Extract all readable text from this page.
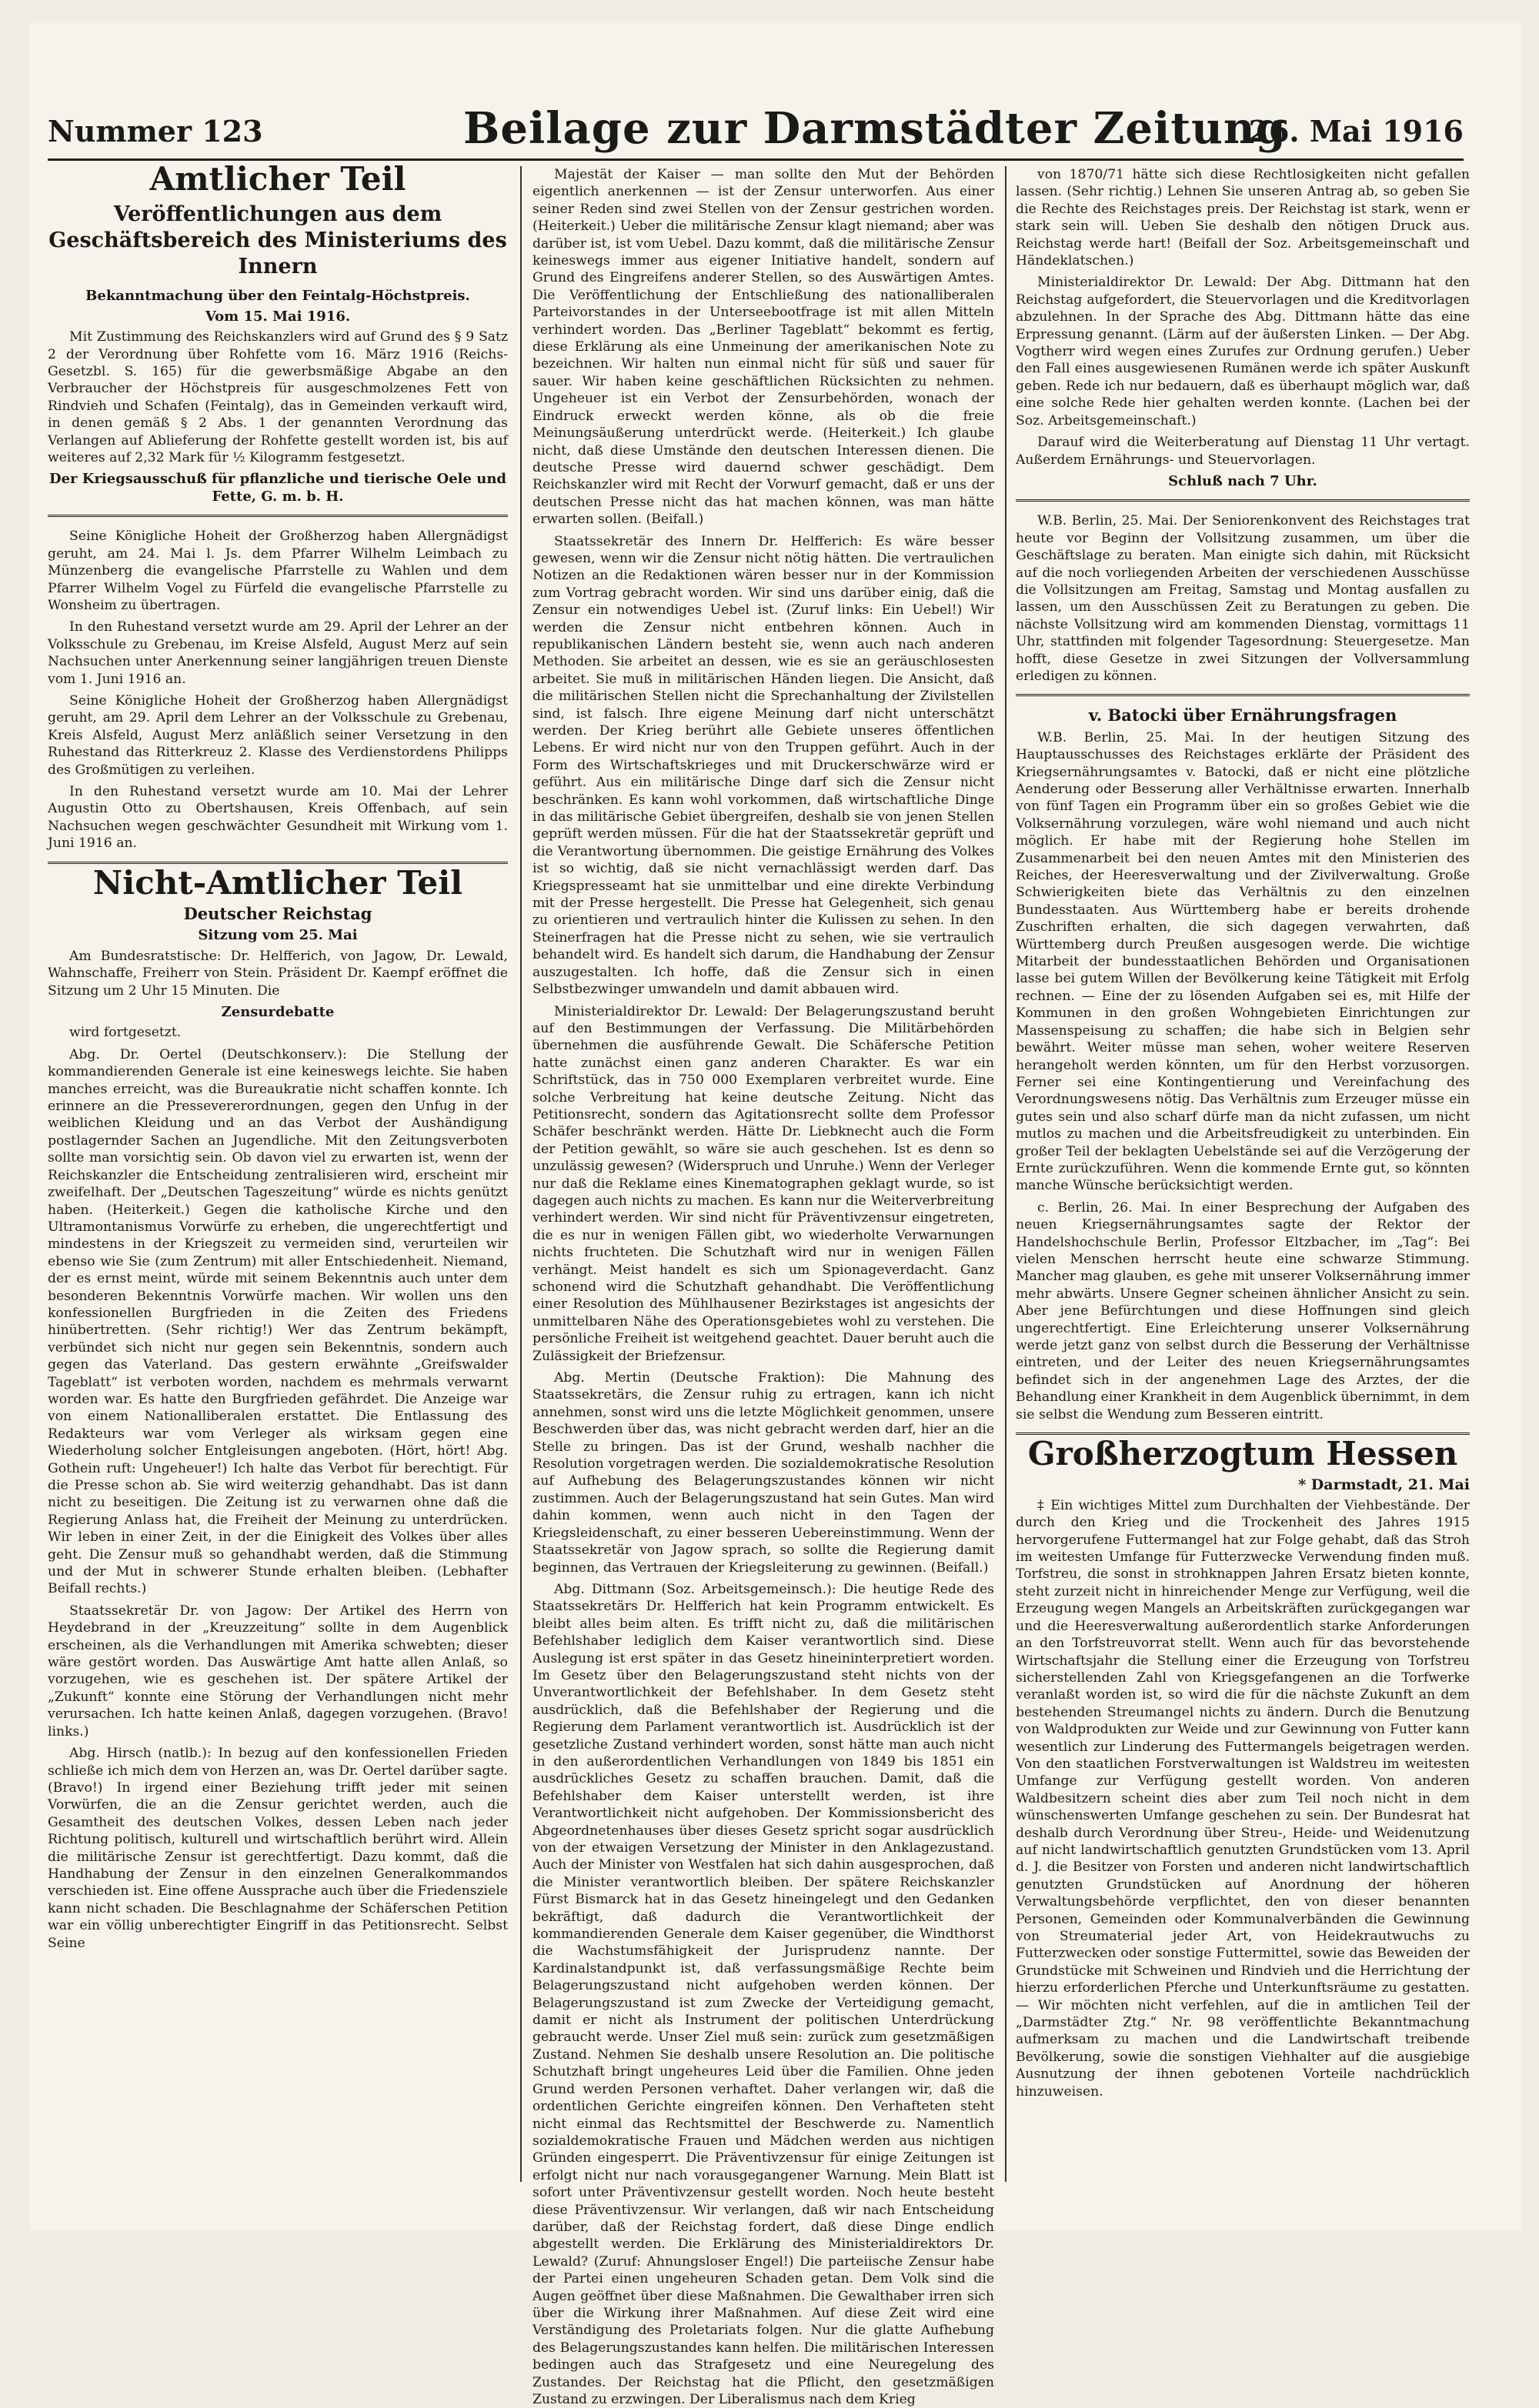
Nummer 123	Beilage zur Darmstädter Zeitung
26. Mai 1916
Amtlicher Teil
Veröffentlichungen aus dem Geschäftsbereich des Ministeriums des Innern
Bekanntmachung über den Feintalg-Höchstpreis.
Vom 15. Mai 1916.

Mit Zustimmung des Reichskanzlers wird auf Grund des § 9 Satz 2 der Verordnung über Rohfette vom 16. März 1916 (Reichs-Gesetzbl. S. 165) für die gewerbsmäßige Abgabe an den Verbraucher der Höchstpreis für ausgeschmolzenes Fett von Rindvieh und Schafen (Feintalg), das in Gemeinden verkauft wird, in denen gemäß § 2 Abs. 1 der genannten Verordnung das Verlangen auf Ablieferung der Rohfette gestellt worden ist, bis auf weiteres auf 2,32 Mark für ½ Kilogramm festgesetzt.

Der Kriegsausschuß für pflanzliche und tierische Oele und Fette, G. m. b. H.

Seine Königliche Hoheit der Großherzog haben Allergnädigst geruht, am 24. Mai l. Js. dem Pfarrer Wilhelm Leimbach zu Münzenberg die evangelische Pfarrstelle zu Wahlen und dem Pfarrer Wilhelm Vogel zu Fürfeld die evangelische Pfarrstelle zu Wonsheim zu übertragen.

In den Ruhestand versetzt wurde am 29. April der Lehrer an der Volksschule zu Grebenau, im Kreise Alsfeld, August Merz auf sein Nachsuchen unter Anerkennung seiner langjährigen treuen Dienste vom 1. Juni 1916 an.

Seine Königliche Hoheit der Großherzog haben Allergnädigst geruht, am 29. April dem Lehrer an der Volksschule zu Grebenau, Kreis Alsfeld, August Merz anläßlich seiner Versetzung in den Ruhestand das Ritterkreuz 2. Klasse des Verdienstordens Philipps des Großmütigen zu verleihen.

In den Ruhestand versetzt wurde am 10. Mai der Lehrer Augustin Otto zu Obertshausen, Kreis Offenbach, auf sein Nachsuchen wegen geschwächter Gesundheit mit Wirkung vom 1. Juni 1916 an.

Nicht-Amtlicher Teil
Deutscher Reichstag
Sitzung vom 25. Mai

Am Bundesratstische: Dr. Helfferich, von Jagow, Dr. Lewald, Wahnschaffe, Freiherr von Stein. Präsident Dr. Kaempf eröffnet die Sitzung um 2 Uhr 15 Minuten. Die

Zensurdebatte

wird fortgesetzt.

Abg. Dr. Oertel (Deutschkonserv.): Die Stellung der kommandierenden Generale ist eine keineswegs leichte. Sie haben manches erreicht, was die Bureaukratie nicht schaffen konnte. Ich erinnere an die Pressevererordnungen, gegen den Unfug in der weiblichen Kleidung und an das Verbot der Aushändigung postlagernder Sachen an Jugendliche. Mit den Zeitungsverboten sollte man vorsichtig sein. Ob davon viel zu erwarten ist, wenn der Reichskanzler die Entscheidung zentralisieren wird, erscheint mir zweifelhaft. Der „Deutschen Tageszeitung“ würde es nichts genützt haben. (Heiterkeit.) Gegen die katholische Kirche und den Ultramontanismus Vorwürfe zu erheben, die ungerechtfertigt und mindestens in der Kriegszeit zu vermeiden sind, verurteilen wir ebenso wie Sie (zum Zentrum) mit aller Entschiedenheit. Niemand, der es ernst meint, würde mit seinem Bekenntnis auch unter dem besonderen Bekenntnis Vorwürfe machen. Wir wollen uns den konfessionellen Burgfrieden in die Zeiten des Friedens hinübertretten. (Sehr richtig!) Wer das Zentrum bekämpft, verbündet sich nicht nur gegen sein Bekenntnis, sondern auch gegen das Vaterland. Das gestern erwähnte „Greifswalder Tageblatt“ ist verboten worden, nachdem es mehrmals verwarnt worden war. Es hatte den Burgfrieden gefährdet. Die Anzeige war von einem Nationalliberalen erstattet. Die Entlassung des Redakteurs war vom Verleger als wirksam gegen eine Wiederholung solcher Entgleisungen angeboten. (Hört, hört! Abg. Gothein ruft: Ungeheuer!) Ich halte das Verbot für berechtigt. Für die Presse schon ab. Sie wird weiterzig gehandhabt. Das ist dann nicht zu beseitigen. Die Zeitung ist zu verwarnen ohne daß die Regierung Anlass hat, die Freiheit der Meinung zu unterdrücken. Wir leben in einer Zeit, in der die Einigkeit des Volkes über alles geht. Die Zensur muß so gehandhabt werden, daß die Stimmung und der Mut in schwerer Stunde erhalten bleiben. (Lebhafter Beifall rechts.)

Staatssekretär Dr. von Jagow: Der Artikel des Herrn von Heydebrand in der „Kreuzzeitung“ sollte in dem Augenblick erscheinen, als die Verhandlungen mit Amerika schwebten; dieser wäre gestört worden. Das Auswärtige Amt hatte allen Anlaß, so vorzugehen, wie es geschehen ist. Der spätere Artikel der „Zukunft“ konnte eine Störung der Verhandlungen nicht mehr verursachen. Ich hatte keinen Anlaß, dagegen vorzugehen. (Bravo! links.)

Abg. Hirsch (natlb.): In bezug auf den konfessionellen Frieden schließe ich mich dem von Herzen an, was Dr. Oertel darüber sagte. (Bravo!) In irgend einer Beziehung trifft jeder mit seinen Vorwürfen, die an die Zensur gerichtet werden, auch die Gesamtheit des deutschen Volkes, dessen Leben nach jeder Richtung politisch, kulturell und wirtschaftlich berührt wird. Allein die militärische Zensur ist gerechtfertigt. Dazu kommt, daß die Handhabung der Zensur in den einzelnen Generalkommandos verschieden ist. Eine offene Aussprache auch über die Friedensziele kann nicht schaden. Die Beschlagnahme der Schäferschen Petition war ein völlig unberechtigter Eingriff in das Petitionsrecht. Selbst Seine

Majestät der Kaiser — man sollte den Mut der Behörden eigentlich anerkennen — ist der Zensur unterworfen. Aus einer seiner Reden sind zwei Stellen von der Zensur gestrichen worden. (Heiterkeit.) Ueber die militärische Zensur klagt niemand; aber was darüber ist, ist vom Uebel. Dazu kommt, daß die militärische Zensur keineswegs immer aus eigener Initiative handelt, sondern auf Grund des Eingreifens anderer Stellen, so des Auswärtigen Amtes. Die Veröffentlichung der Entschließung des nationalliberalen Parteivorstandes in der Unterseebootfrage ist mit allen Mitteln verhindert worden. Das „Berliner Tageblatt“ bekommt es fertig, diese Erklärung als eine Unmeinung der amerikanischen Note zu bezeichnen. Wir halten nun einmal nicht für süß und sauer für sauer. Wir haben keine geschäftlichen Rücksichten zu nehmen. Ungeheuer ist ein Verbot der Zensurbehörden, wonach der Eindruck erweckt werden könne, als ob die freie Meinungsäußerung unterdrückt werde. (Heiterkeit.) Ich glaube nicht, daß diese Umstände den deutschen Interessen dienen. Die deutsche Presse wird dauernd schwer geschädigt. Dem Reichskanzler wird mit Recht der Vorwurf gemacht, daß er uns der deutschen Presse nicht das hat machen können, was man hätte erwarten sollen. (Beifall.)

Staatssekretär des Innern Dr. Helfferich: Es wäre besser gewesen, wenn wir die Zensur nicht nötig hätten. Die vertraulichen Notizen an die Redaktionen wären besser nur in der Kommission zum Vortrag gebracht worden. Wir sind uns darüber einig, daß die Zensur ein notwendiges Uebel ist. (Zuruf links: Ein Uebel!) Wir werden die Zensur nicht entbehren können. Auch in republikanischen Ländern besteht sie, wenn auch nach anderen Methoden. Sie arbeitet an dessen, wie es sie an geräuschlosesten arbeitet. Sie muß in militärischen Händen liegen. Die Ansicht, daß die militärischen Stellen nicht die Sprechanhaltung der Zivilstellen sind, ist falsch. Ihre eigene Meinung darf nicht unterschätzt werden. Der Krieg berührt alle Gebiete unseres öffentlichen Lebens. Er wird nicht nur von den Truppen geführt. Auch in der Form des Wirtschaftskrieges und mit Druckerschwärze wird er geführt. Aus ein militärische Dinge darf sich die Zensur nicht beschränken. Es kann wohl vorkommen, daß wirtschaftliche Dinge in das militärische Gebiet übergreifen, deshalb sie von jenen Stellen geprüft werden müssen. Für die hat der Staatssekretär geprüft und die Verantwortung übernommen. Die geistige Ernährung des Volkes ist so wichtig, daß sie nicht vernachlässigt werden darf. Das Kriegspresseamt hat sie unmittelbar und eine direkte Verbindung mit der Presse hergestellt. Die Presse hat Gelegenheit, sich genau zu orientieren und vertraulich hinter die Kulissen zu sehen. In den Steinerfragen hat die Presse nicht zu sehen, wie sie vertraulich behandelt wird. Es handelt sich darum, die Handhabung der Zensur auszugestalten. Ich hoffe, daß die Zensur sich in einen Selbstbezwinger umwandeln und damit abbauen wird.

Ministerialdirektor Dr. Lewald: Der Belagerungszustand beruht auf den Bestimmungen der Verfassung. Die Militärbehörden übernehmen die ausführende Gewalt. Die Schäfersche Petition hatte zunächst einen ganz anderen Charakter. Es war ein Schriftstück, das in 750 000 Exemplaren verbreitet wurde. Eine solche Verbreitung hat keine deutsche Zeitung. Nicht das Petitionsrecht, sondern das Agitationsrecht sollte dem Professor Schäfer beschränkt werden. Hätte Dr. Liebknecht auch die Form der Petition gewählt, so wäre sie auch geschehen. Ist es denn so unzulässig gewesen? (Widerspruch und Unruhe.) Wenn der Verleger nur daß die Reklame eines Kinematographen geklagt wurde, so ist dagegen auch nichts zu machen. Es kann nur die Weiterverbreitung verhindert werden. Wir sind nicht für Präventivzensur eingetreten, die es nur in wenigen Fällen gibt, wo wiederholte Verwarnungen nichts fruchteten. Die Schutzhaft wird nur in wenigen Fällen verhängt. Meist handelt es sich um Spionageverdacht. Ganz schonend wird die Schutzhaft gehandhabt. Die Veröffentlichung einer Resolution des Mühlhausener Bezirkstages ist angesichts der unmittelbaren Nähe des Operationsgebietes wohl zu verstehen. Die persönliche Freiheit ist weitgehend geachtet. Dauer beruht auch die Zulässigkeit der Briefzensur.

Abg. Mertin (Deutsche Fraktion): Die Mahnung des Staatssekretärs, die Zensur ruhig zu ertragen, kann ich nicht annehmen, sonst wird uns die letzte Möglichkeit genommen, unsere Beschwerden über das, was nicht gebracht werden darf, hier an die Stelle zu bringen. Das ist der Grund, weshalb nachher die Resolution vorgetragen werden. Die sozialdemokratische Resolution auf Aufhebung des Belagerungszustandes können wir nicht zustimmen. Auch der Belagerungszustand hat sein Gutes. Man wird dahin kommen, wenn auch nicht in den Tagen der Kriegsleidenschaft, zu einer besseren Uebereinstimmung. Wenn der Staatssekretär von Jagow sprach, so sollte die Regierung damit beginnen, das Vertrauen der Kriegsleiterung zu gewinnen. (Beifall.)

Abg. Dittmann (Soz. Arbeitsgemeinsch.): Die heutige Rede des Staatssekretärs Dr. Helfferich hat kein Programm entwickelt. Es bleibt alles beim alten. Es trifft nicht zu, daß die militärischen Befehlshaber lediglich dem Kaiser verantwortlich sind. Diese Auslegung ist erst später in das Gesetz hineininterpretiert worden. Im Gesetz über den Belagerungszustand steht nichts von der Unverantwortlichkeit der Befehlshaber. In dem Gesetz steht ausdrücklich, daß die Befehlshaber der Regierung und die Regierung dem Parlament verantwortlich ist. Ausdrücklich ist der gesetzliche Zustand verhindert worden, sonst hätte man auch nicht in den außerordentlichen Verhandlungen von 1849 bis 1851 ein ausdrückliches Gesetz zu schaffen brauchen. Damit, daß die Befehlshaber dem Kaiser unterstellt werden, ist ihre Verantwortlichkeit nicht aufgehoben. Der Kommissionsbericht des Abgeordnetenhauses über dieses Gesetz spricht sogar ausdrücklich von der etwaigen Versetzung der Minister in den Anklagezustand. Auch der Minister von Westfalen hat sich dahin ausgesprochen, daß die Minister verantwortlich bleiben. Der spätere Reichskanzler Fürst Bismarck hat in das Gesetz hineingelegt und den Gedanken bekräftigt, daß dadurch die Verantwortlichkeit der kommandierenden Generale dem Kaiser gegenüber, die Windthorst die Wachstumsfähigkeit der Jurisprudenz nannte. Der Kardinalstandpunkt ist, daß verfassungsmäßige Rechte beim Belagerungszustand nicht aufgehoben werden können. Der Belagerungszustand ist zum Zwecke der Verteidigung gemacht, damit er nicht als Instrument der politischen Unterdrückung gebraucht werde. Unser Ziel muß sein: zurück zum gesetzmäßigen Zustand. Nehmen Sie deshalb unsere Resolution an. Die politische Schutzhaft bringt ungeheures Leid über die Familien. Ohne jeden Grund werden Personen verhaftet. Daher verlangen wir, daß die ordentlichen Gerichte eingreifen können. Den Verhafteten steht nicht einmal das Rechtsmittel der Beschwerde zu. Namentlich sozialdemokratische Frauen und Mädchen werden aus nichtigen Gründen eingesperrt. Die Präventivzensur für einige Zeitungen ist erfolgt nicht nur nach vorausgegangener Warnung. Mein Blatt ist sofort unter Präventivzensur gestellt worden. Noch heute besteht diese Präventivzensur. Wir verlangen, daß wir nach Entscheidung darüber, daß der Reichstag fordert, daß diese Dinge endlich abgestellt werden. Die Erklärung des Ministerialdirektors Dr. Lewald? (Zuruf: Ahnungsloser Engel!) Die parteiische Zensur habe der Partei einen ungeheuren Schaden getan. Dem Volk sind die Augen geöffnet über diese Maßnahmen. Die Gewalthaber irren sich über die Wirkung ihrer Maßnahmen. Auf diese Zeit wird eine Verständigung des Proletariats folgen. Nur die glatte Aufhebung des Belagerungszustandes kann helfen. Die militärischen Interessen bedingen auch das Strafgesetz und eine Neuregelung des Zustandes. Der Reichstag hat die Pflicht, den gesetzmäßigen Zustand zu erzwingen. Der Liberalismus nach dem Krieg

von 1870/71 hätte sich diese Rechtlosigkeiten nicht gefallen lassen. (Sehr richtig.) Lehnen Sie unseren Antrag ab, so geben Sie die Rechte des Reichstages preis. Der Reichstag ist stark, wenn er stark sein will. Ueben Sie deshalb den nötigen Druck aus. Reichstag werde hart! (Beifall der Soz. Arbeitsgemeinschaft und Händeklatschen.)

Ministerialdirektor Dr. Lewald: Der Abg. Dittmann hat den Reichstag aufgefordert, die Steuervorlagen und die Kreditvorlagen abzulehnen. In der Sprache des Abg. Dittmann hätte das eine Erpressung genannt. (Lärm auf der äußersten Linken. — Der Abg. Vogtherr wird wegen eines Zurufes zur Ordnung gerufen.) Ueber den Fall eines ausgewiesenen Rumänen werde ich später Auskunft geben. Rede ich nur bedauern, daß es überhaupt möglich war, daß eine solche Rede hier gehalten werden konnte. (Lachen bei der Soz. Arbeitsgemeinschaft.)

Darauf wird die Weiterberatung auf Dienstag 11 Uhr vertagt. Außerdem Ernährungs- und Steuervorlagen.

Schluß nach 7 Uhr.

W.B. Berlin, 25. Mai. Der Seniorenkonvent des Reichstages trat heute vor Beginn der Vollsitzung zusammen, um über die Geschäftslage zu beraten. Man einigte sich dahin, mit Rücksicht auf die noch vorliegenden Arbeiten der verschiedenen Ausschüsse die Vollsitzungen am Freitag, Samstag und Montag ausfallen zu lassen, um den Ausschüssen Zeit zu Beratungen zu geben. Die nächste Vollsitzung wird am kommenden Dienstag, vormittags 11 Uhr, stattfinden mit folgender Tagesordnung: Steuergesetze. Man hofft, diese Gesetze in zwei Sitzungen der Vollversammlung erledigen zu können.

v. Batocki über Ernährungsfragen

W.B. Berlin, 25. Mai. In der heutigen Sitzung des Hauptausschusses des Reichstages erklärte der Präsident des Kriegsernährungsamtes v. Batocki, daß er nicht eine plötzliche Aenderung oder Besserung aller Verhältnisse erwarten. Innerhalb von fünf Tagen ein Programm über ein so großes Gebiet wie die Volksernährung vorzulegen, wäre wohl niemand und auch nicht möglich. Er habe mit der Regierung hohe Stellen im Zusammenarbeit bei den neuen Amtes mit den Ministerien des Reiches, der Heeresverwaltung und der Zivilverwaltung. Große Schwierigkeiten biete das Verhältnis zu den einzelnen Bundesstaaten. Aus Württemberg habe er bereits drohende Zuschriften erhalten, die sich dagegen verwahrten, daß Württemberg durch Preußen ausgesogen werde. Die wichtige Mitarbeit der bundesstaatlichen Behörden und Organisationen lasse bei gutem Willen der Bevölkerung keine Tätigkeit mit Erfolg rechnen. — Eine der zu lösenden Aufgaben sei es, mit Hilfe der Kommunen in den großen Wohngebieten Einrichtungen zur Massenspeisung zu schaffen; die habe sich in Belgien sehr bewährt. Weiter müsse man sehen, woher weitere Reserven herangeholt werden könnten, um für den Herbst vorzusorgen. Ferner sei eine Kontingentierung und Vereinfachung des Verordnungswesens nötig. Das Verhältnis zum Erzeuger müsse ein gutes sein und also scharf dürfe man da nicht zufassen, um nicht mutlos zu machen und die Arbeitsfreudigkeit zu unterbinden. Ein großer Teil der beklagten Uebelstände sei auf die Verzögerung der Ernte zurückzuführen. Wenn die kommende Ernte gut, so könnten manche Wünsche berücksichtigt werden.

c. Berlin, 26. Mai. In einer Besprechung der Aufgaben des neuen Kriegsernährungsamtes sagte der Rektor der Handelshochschule Berlin, Professor Eltzbacher, im „Tag“: Bei vielen Menschen herrscht heute eine schwarze Stimmung. Mancher mag glauben, es gehe mit unserer Volksernährung immer mehr abwärts. Unsere Gegner scheinen ähnlicher Ansicht zu sein. Aber jene Befürchtungen und diese Hoffnungen sind gleich ungerechtfertigt. Eine Erleichterung unserer Volksernährung werde jetzt ganz von selbst durch die Besserung der Verhältnisse eintreten, und der Leiter des neuen Kriegsernährungsamtes befindet sich in der angenehmen Lage des Arztes, der die Behandlung einer Krankheit in dem Augenblick übernimmt, in dem sie selbst die Wendung zum Besseren eintritt.

Großherzogtum Hessen
* Darmstadt, 21. Mai

‡ Ein wichtiges Mittel zum Durchhalten der Viehbestände. Der durch den Krieg und die Trockenheit des Jahres 1915 hervorgerufene Futtermangel hat zur Folge gehabt, daß das Stroh im weitesten Umfange für Futterzwecke Verwendung finden muß. Torfstreu, die sonst in strohknappen Jahren Ersatz bieten konnte, steht zurzeit nicht in hinreichender Menge zur Verfügung, weil die Erzeugung wegen Mangels an Arbeitskräften zurückgegangen war und die Heeresverwaltung außerordentlich starke Anforderungen an den Torfstreuvorrat stellt. Wenn auch für das bevorstehende Wirtschaftsjahr die Stellung einer die Erzeugung von Torfstreu sicherstellenden Zahl von Kriegsgefangenen an die Torfwerke veranlaßt worden ist, so wird die für die nächste Zukunft an dem bestehenden Streumangel nichts zu ändern. Durch die Benutzung von Waldprodukten zur Weide und zur Gewinnung von Futter kann wesentlich zur Linderung des Futtermangels beigetragen werden. Von den staatlichen Forstverwaltungen ist Waldstreu im weitesten Umfange zur Verfügung gestellt worden. Von anderen Waldbesitzern scheint dies aber zum Teil noch nicht in dem wünschenswerten Umfange geschehen zu sein. Der Bundesrat hat deshalb durch Verordnung über Streu-, Heide- und Weidenutzung auf nicht landwirtschaftlich genutzten Grundstücken vom 13. April d. J. die Besitzer von Forsten und anderen nicht landwirtschaftlich genutzten Grundstücken auf Anordnung der höheren Verwaltungsbehörde verpflichtet, den von dieser benannten Personen, Gemeinden oder Kommunalverbänden die Gewinnung von Streumaterial jeder Art, von Heidekrautwuchs zu Futterzwecken oder sonstige Futtermittel, sowie das Beweiden der Grundstücke mit Schweinen und Rindvieh und die Herrichtung der hierzu erforderlichen Pferche und Unterkunftsräume zu gestatten. — Wir möchten nicht verfehlen, auf die in amtlichen Teil der „Darmstädter Ztg.“ Nr. 98 veröffentlichte Bekanntmachung aufmerksam zu machen und die Landwirtschaft treibende Bevölkerung, sowie die sonstigen Viehhalter auf die ausgiebige Ausnutzung der ihnen gebotenen Vorteile nachdrücklich hinzuweisen.
